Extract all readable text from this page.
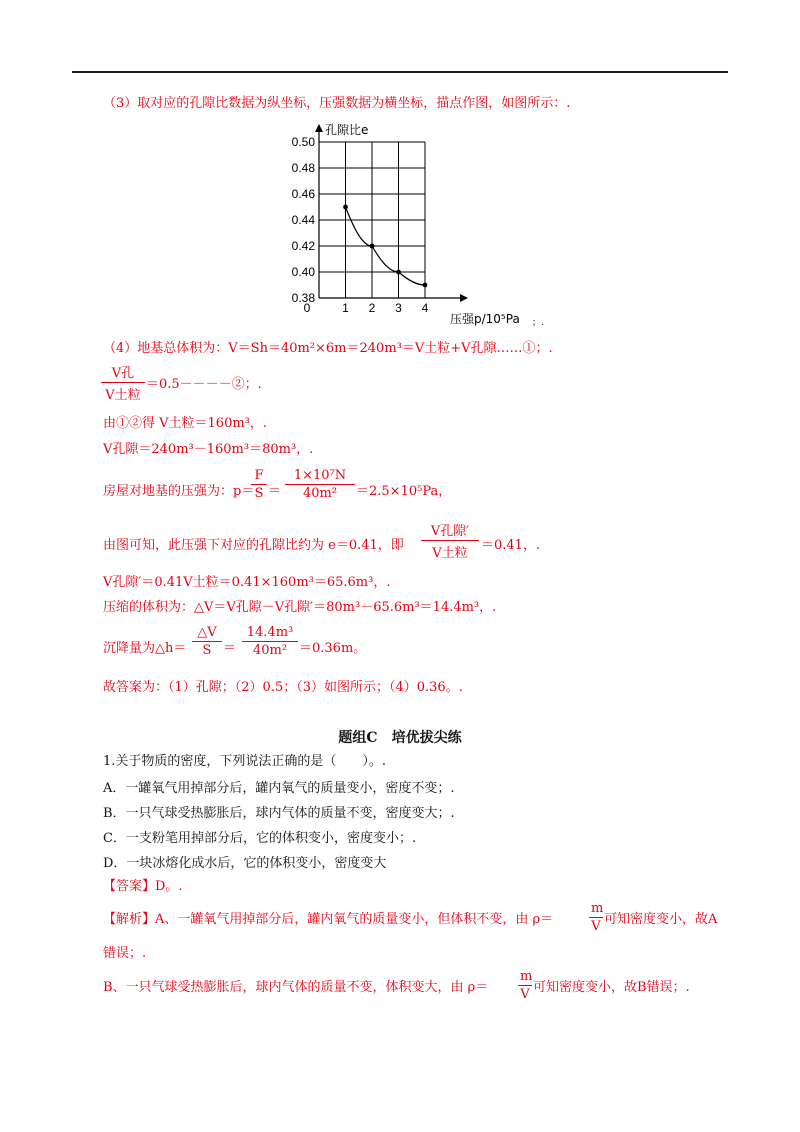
（3）取对应的孔隙比数据为纵坐标，压强数据为横坐标，描点作图，如图所示：.
0.38
0.40
0.42
0.44
0.46
0.48
0.50
0	1 2 3 4
孔隙比e
压强p/10⁵Pa ；.
（4）地基总体积为：V＝Sh＝40m²×6m＝240m³＝V土粒+V孔隙……①；.
V孔
V土粒
＝0.5－－－－②；.
由①②得 V土粒＝160m³，.
V孔隙＝240m³－160m³＝80m³，.
房屋对地基的压强为：p＝
$\frac{F}{S} = \frac{\text{1×10⁷N}}{\text{40m²}} =2.5\times 10^5Pa$，
由图可知，此压强下对应的孔隙比约为 e＝0.41，即
V孔隙′
V土粒
＝0.41，.
V孔隙′＝0.41V土粒＝0.41×160m³＝65.6m³，.
压缩的体积为：△V＝V孔隙－V孔隙′＝80m³－65.6m³＝14.4m³，.
沉降量为△h＝ $\frac{\triangle V}{S} = \frac{\text{14.4m³}}{\text{40m²}} =0.36m$。
故答案为：（1）孔隙；（2）0.5；（3）如图所示；（4）0.36。.
题组C　培优拔尖练
1.关于物质的密度，下列说法正确的是（　　）。.
A．一罐氧气用掉部分后，罐内氧气的质量变小，密度不变；.
B．一只气球受热膨胀后，球内气体的质量不变，密度变大；.
C．一支粉笔用掉部分后，它的体积变小，密度变小；.
D．一块冰熔化成水后，它的体积变小，密度变大
【答案】D。.
【解析】A、一罐氧气用掉部分后，罐内氧气的质量变小，但体积不变，由 ρ＝	$\frac{m}{V}$ 可知密度变小，故A
错误；.
B、一只气球受热膨胀后，球内气体的质量不变，体积变大，由 $\rho= \frac{m}{V}$ 可知密度变小，故B错误；.
